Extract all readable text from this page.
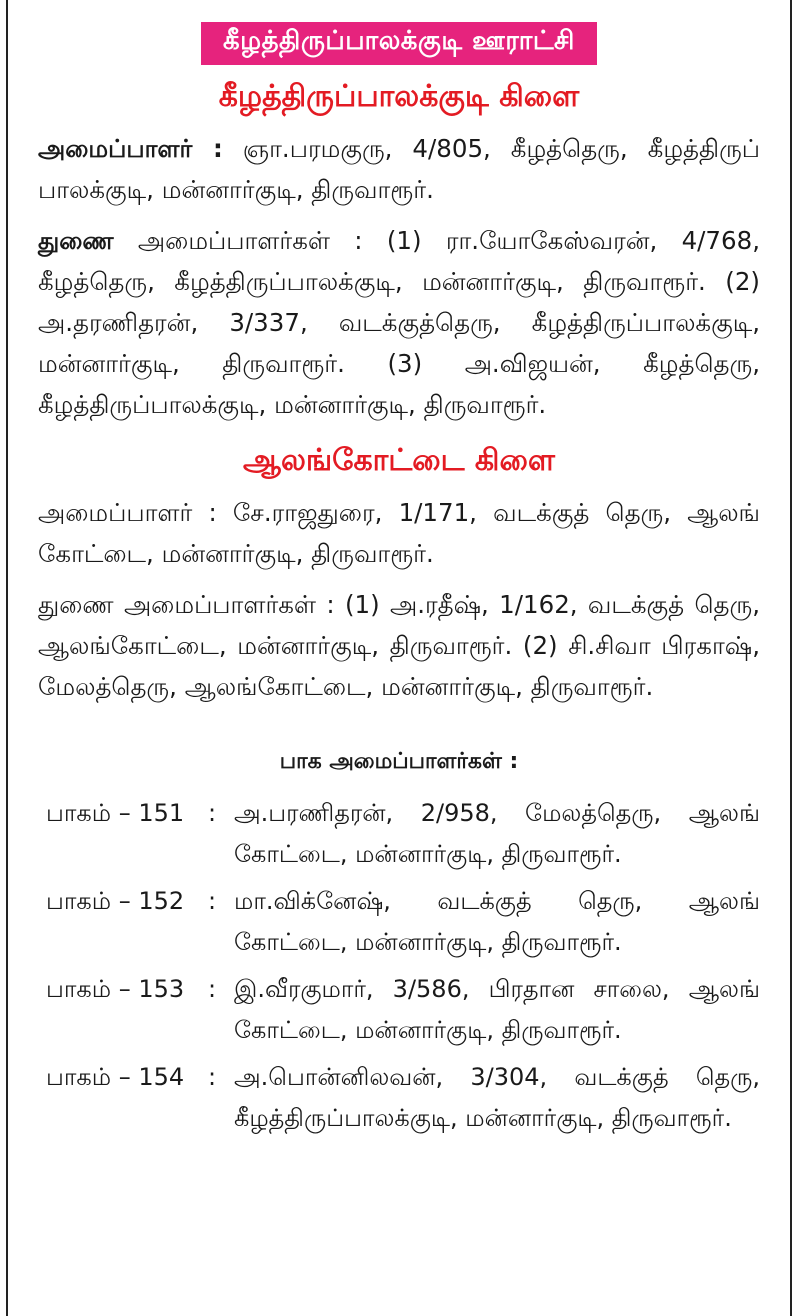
கீழத்திருப்பாலக்குடி ஊராட்சி
கீழத்திருப்பாலக்குடி கிளை

அமைப்பாளர் : ஞா.பரமகுரு, 4/805, கீழத்தெரு, கீழத்திருப் பாலக்குடி, மன்னார்குடி, திருவாரூர்.

துணை அமைப்பாளர்கள் : (1) ரா.யோகேஸ்வரன், 4/768, கீழத்தெரு, கீழத்திருப்பாலக்குடி, மன்னார்குடி, திருவாரூர். (2) அ.தரணிதரன், 3/337, வடக்குத்தெரு, கீழத்திருப்பாலக்குடி, மன்னார்குடி, திருவாரூர். (3) அ.விஜயன், கீழத்தெரு, கீழத்திருப்பாலக்குடி, மன்னார்குடி, திருவாரூர்.

ஆலங்கோட்டை கிளை

அமைப்பாளர் : சே.ராஜதுரை, 1/171, வடக்குத் தெரு, ஆலங் கோட்டை, மன்னார்குடி, திருவாரூர்.

துணை அமைப்பாளர்கள் : (1) அ.ரதீஷ், 1/162, வடக்குத் தெரு, ஆலங்கோட்டை, மன்னார்குடி, திருவாரூர். (2) சி.சிவா பிரகாஷ், மேலத்தெரு, ஆலங்கோட்டை, மன்னார்குடி, திருவாரூர்.

பாக அமைப்பாளர்கள் :
பாகம் – 151 : அ.பரணிதரன், 2/958, மேலத்தெரு, ஆலங் கோட்டை, மன்னார்குடி, திருவாரூர்.
பாகம் – 152 : மா.விக்னேஷ், வடக்குத் தெரு, ஆலங் கோட்டை, மன்னார்குடி, திருவாரூர்.
பாகம் – 153 : இ.வீரகுமார், 3/586, பிரதான சாலை, ஆலங் கோட்டை, மன்னார்குடி, திருவாரூர்.
பாகம் – 154 : அ.பொன்னிலவன், 3/304, வடக்குத் தெரு, கீழத்திருப்பாலக்குடி, மன்னார்குடி, திருவாரூர்.
